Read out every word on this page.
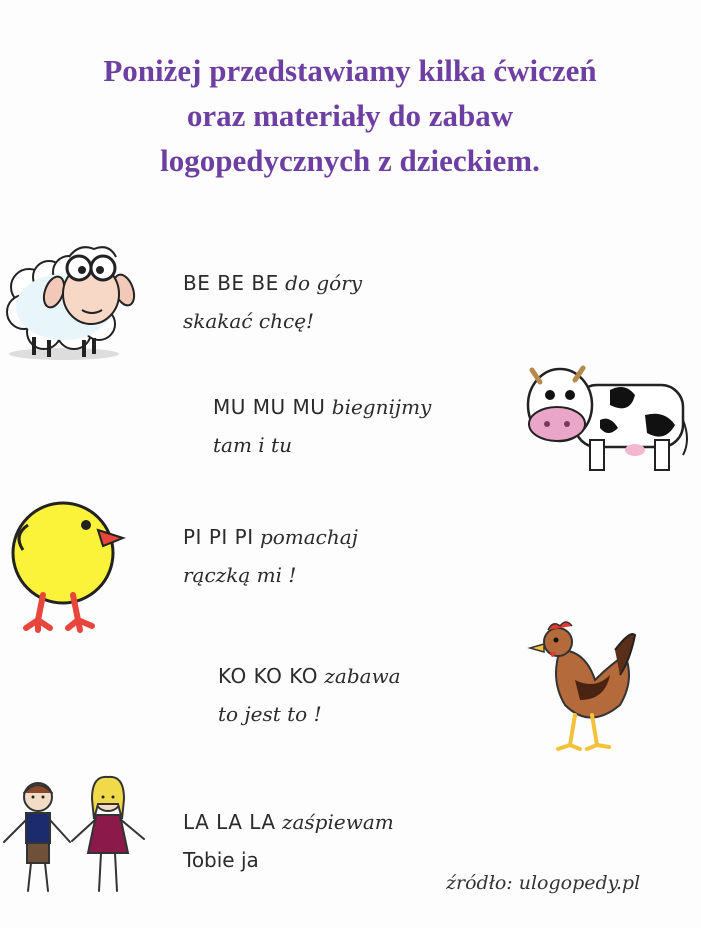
Poniżej przedstawiamy kilka ćwiczeń
oraz materiały do zabaw
logopedycznych z dzieckiem.
BE BE BE do góry
skakać chcę!
MU MU MU biegnijmy
tam i tu
PI PI PI pomachaj
rączką mi !
KO KO KO zabawa
to jest to !
LA LA LA zaśpiewam
Tobie ja
źródło: ulogopedy.pl
